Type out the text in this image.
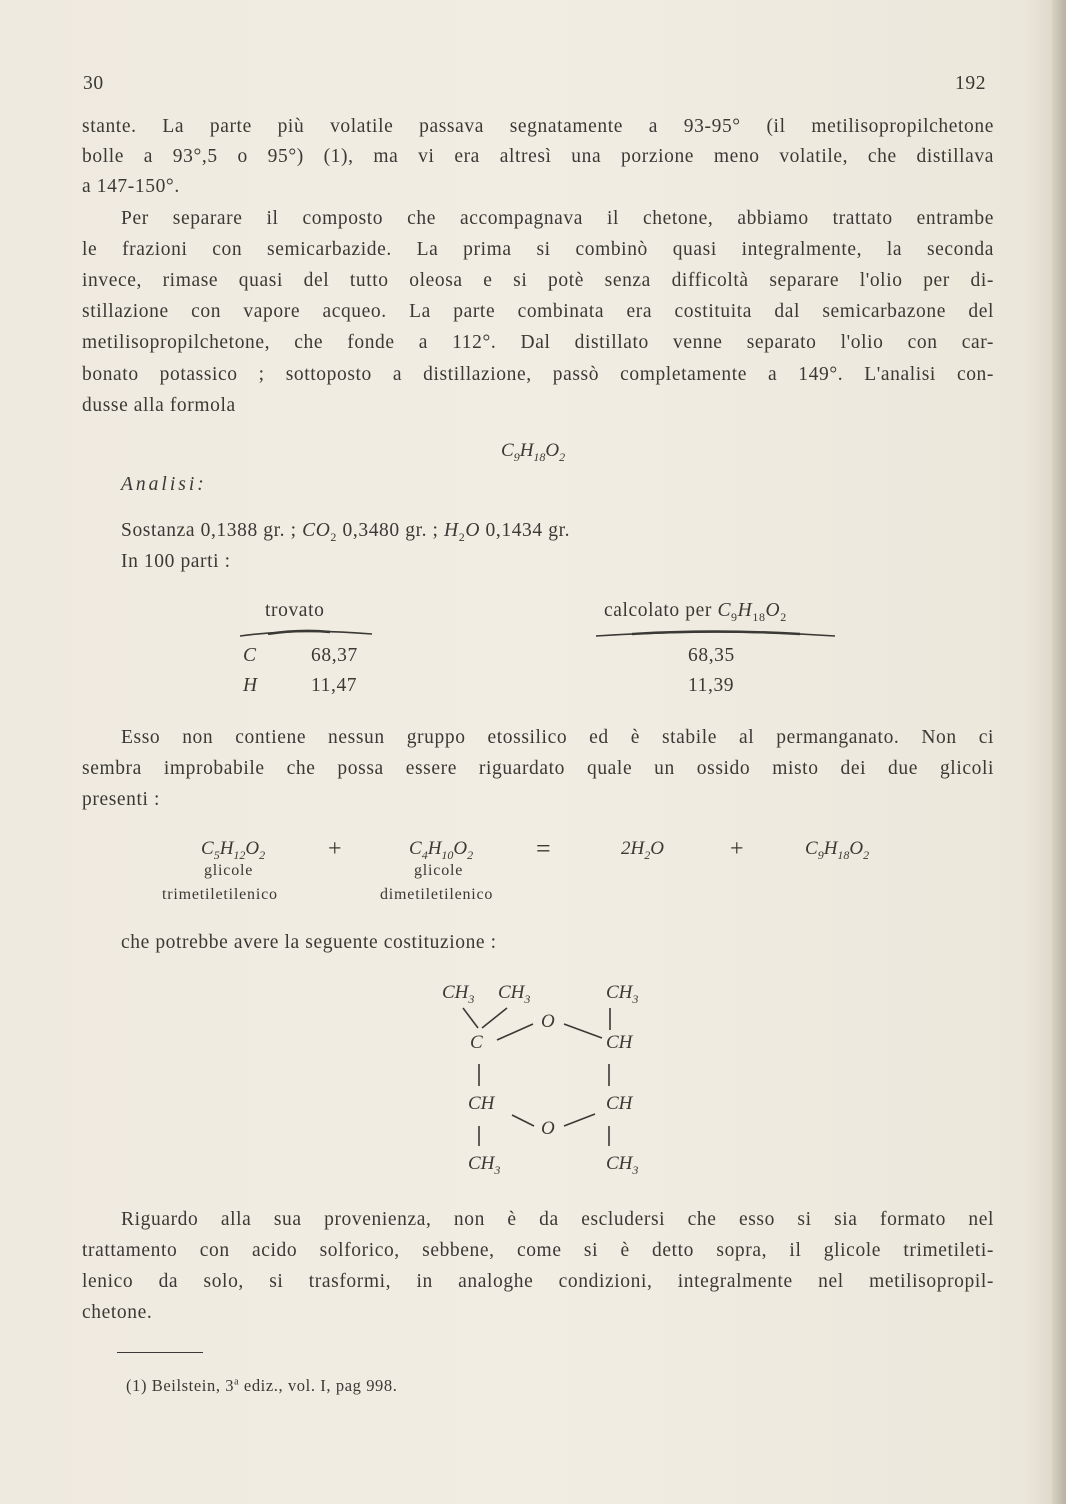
30	192
stante. La parte più volatile passava segnatamente a 93-95° (il metilisopropilchetone
bolle a 93°,5 o 95°) (1), ma vi era altresì una porzione meno volatile, che distillava
a 147-150°.
Per separare il composto che accompagnava il chetone, abbiamo trattato entrambe
le frazioni con semicarbazide. La prima si combinò quasi integralmente, la seconda
invece, rimase quasi del tutto oleosa e si potè senza difficoltà separare l'olio per di-
stillazione con vapore acqueo. La parte combinata era costituita dal semicarbazone del
metilisopropilchetone, che fonde a 112°. Dal distillato venne separato l'olio con car-
bonato potassico ; sottoposto a distillazione, passò completamente a 149°. L'analisi con-
dusse alla formola
$C_9H_{18}O_2$
Analisi:
Sostanza 0,1388 gr. ; $CO_2$ 0,3480 gr. ; $H_2O$ 0,1434 gr.
In 100 parti :
trovato	calcolato per $C_9H_{18}O_2$
C	68,37	68,35
H	11,47	11,39
Esso non contiene nessun gruppo etossilico ed è stabile al permanganato. Non ci
sembra improbabile che possa essere riguardato quale un ossido misto dei due glicoli
presenti :
$C_5H_{12}O_2$
glicole
trimetiletilenico
+	$C_4H_{10}O_2$
glicole
dimetiletilenico
=	$2H_2O$	+	$C_9H_{18}O_2$
che potrebbe avere la seguente costituzione :
$CH_3$ $CH_3$	$CH_3$
O
C	CH
CH	CH
O
$CH_3$	$CH_3$
Riguardo alla sua provenienza, non è da escludersi che esso si sia formato nel
trattamento con acido solforico, sebbene, come si è detto sopra, il glicole trimetileti-
lenico da solo, si trasformi, in analoghe condizioni, integralmente nel metilisopropil-
chetone.
(1) Beilstein, 3$^a$ ediz., vol. I, pag 998.
